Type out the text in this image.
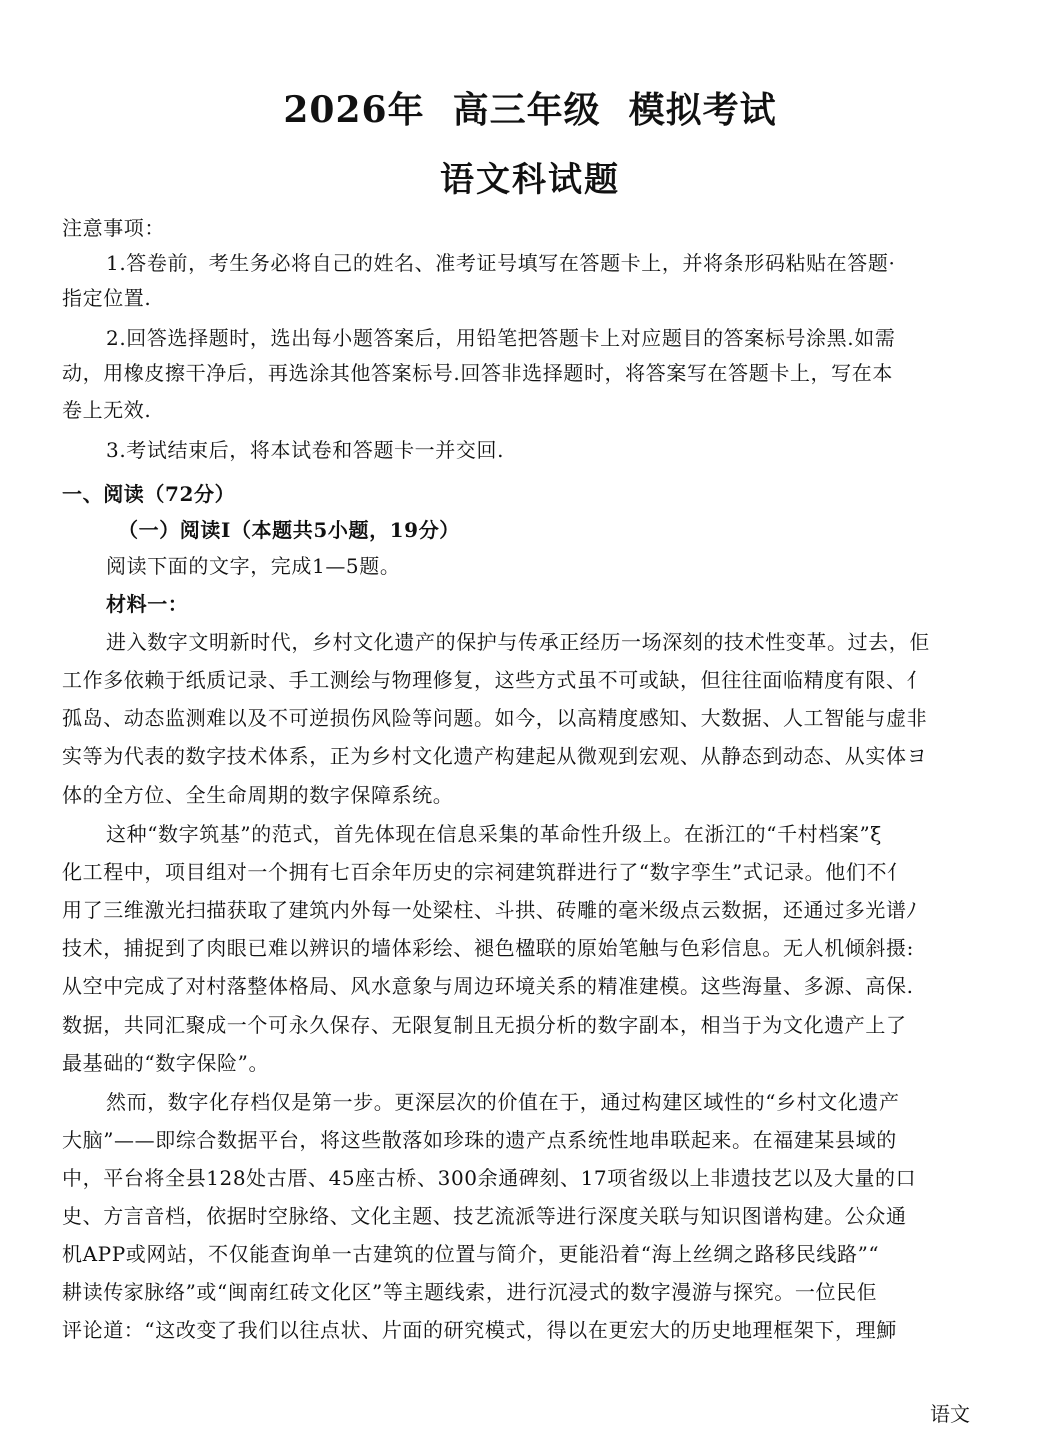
2026年 高三年级 模拟考试
语文科试题
注意事项：
1.答卷前，考生务必将自己的姓名、准考证号填写在答题卡上，并将条形码粘贴在答题·
指定位置.
2.回答选择题时，选出每小题答案后，用铅笔把答题卡上对应题目的答案标号涂黑.如需
动，用橡皮擦干净后，再选涂其他答案标号.回答非选择题时，将答案写在答题卡上，写在本
卷上无效.
3.考试结束后，将本试卷和答题卡一并交回.
一、阅读（72分）
（一）阅读Ⅰ（本题共5小题，19分）
阅读下面的文字，完成1—5题。
材料一：
进入数字文明新时代，乡村文化遗产的保护与传承正经历一场深刻的技术性变革。过去，佢
工作多依赖于纸质记录、手工测绘与物理修复，这些方式虽不可或缺，但往往面临精度有限、亻
孤岛、动态监测难以及不可逆损伤风险等问题。如今，以高精度感知、大数据、人工智能与虚非
实等为代表的数字技术体系，正为乡村文化遗产构建起从微观到宏观、从静态到动态、从实体ヨ
体的全方位、全生命周期的数字保障系统。
这种“数字筑基”的范式，首先体现在信息采集的革命性升级上。在浙江的“千村档案”ξ
化工程中，项目组对一个拥有七百余年历史的宗祠建筑群进行了“数字孪生”式记录。他们不亻
用了三维激光扫描获取了建筑内外每一处梁柱、斗拱、砖雕的毫米级点云数据，还通过多光谱ﾉ
技术，捕捉到了肉眼已难以辨识的墙体彩绘、褪色楹联的原始笔触与色彩信息。无人机倾斜摄:
从空中完成了对村落整体格局、风水意象与周边环境关系的精准建模。这些海量、多源、高保.
数据，共同汇聚成一个可永久保存、无限复制且无损分析的数字副本，相当于为文化遗产上了
最基础的“数字保险”。
然而，数字化存档仅是第一步。更深层次的价值在于，通过构建区域性的“乡村文化遗产
大脑”——即综合数据平台，将这些散落如珍珠的遗产点系统性地串联起来。在福建某县域的
中，平台将全县128处古厝、45座古桥、300余通碑刻、17项省级以上非遗技艺以及大量的口
史、方言音档，依据时空脉络、文化主题、技艺流派等进行深度关联与知识图谱构建。公众通
机APP或网站，不仅能查询单一古建筑的位置与简介，更能沿着“海上丝绸之路移民线路”“
耕读传家脉络”或“闽南红砖文化区”等主题线索，进行沉浸式的数字漫游与探究。一位民佢
评论道：“这改变了我们以往点状、片面的研究模式，得以在更宏大的历史地理框架下，理魳
语文
